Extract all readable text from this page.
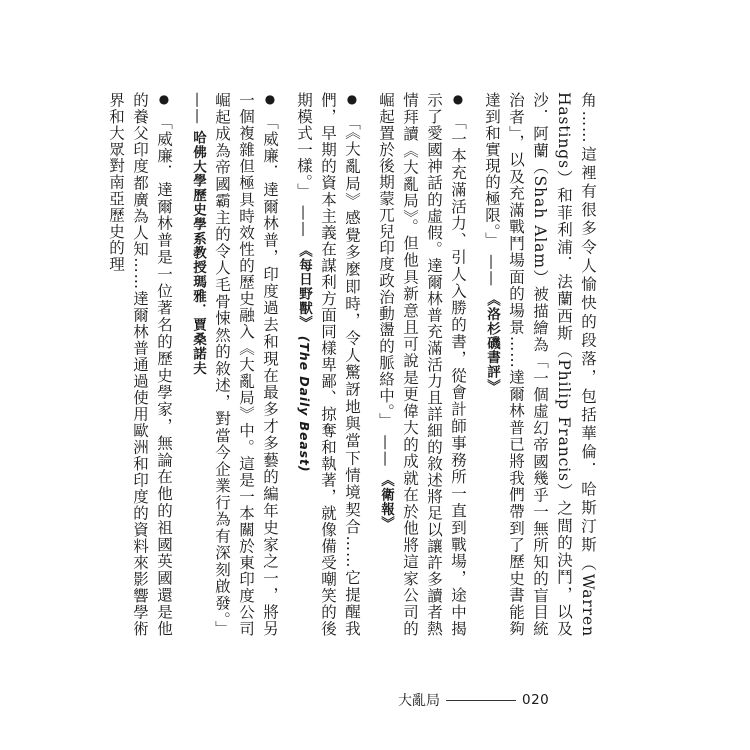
角……這裡有很多令人愉快的段落，包括華倫．哈斯汀斯（Warren Hastings）和菲利浦．法蘭西斯（Philip Francis）之間的決鬥，以及沙．阿蘭（Shah Alam）被描繪為「一個虛幻帝國幾乎一無所知的盲目統治者」，以及充滿戰鬥場面的場景……達爾林普已將我們帶到了歷史書能夠達到和實現的極限。」 —— 《洛杉磯書評》

● 「一本充滿活力、引人入勝的書，從會計師事務所一直到戰場，途中揭示了愛國神話的虛假。達爾林普充滿活力且詳細的敘述將足以讓許多讀者熱情拜讀《大亂局》。但他具新意且可說是更偉大的成就在於他將這家公司的崛起置於後期蒙兀兒印度政治動盪的脈絡中。」 —— 《衛報》

● 「《大亂局》感覺多麼即時，令人驚訝地與當下情境契合……它提醒我們，早期的資本主義在謀利方面同樣卑鄙、掠奪和執著，就像備受嘲笑的後期模式一樣。」 —— 《每日野獸》 (The Daily Beast)

● 「威廉．達爾林普，印度過去和現在最多才多藝的編年史家之一，將另一個複雜但極具時效性的歷史融入《大亂局》中。這是一本關於東印度公司崛起成為帝國霸主的令人毛骨悚然的敘述，對當今企業行為有深刻啟發。」 —— 哈佛大學歷史學系教授瑪雅．賈桑諾夫

● 「威廉．達爾林普是一位著名的歷史學家，無論在他的祖國英國還是他的養父印度都廣為人知……達爾林普通過使用歐洲和印度的資料來影響學術界和大眾對南亞歷史的理

大亂局	020
